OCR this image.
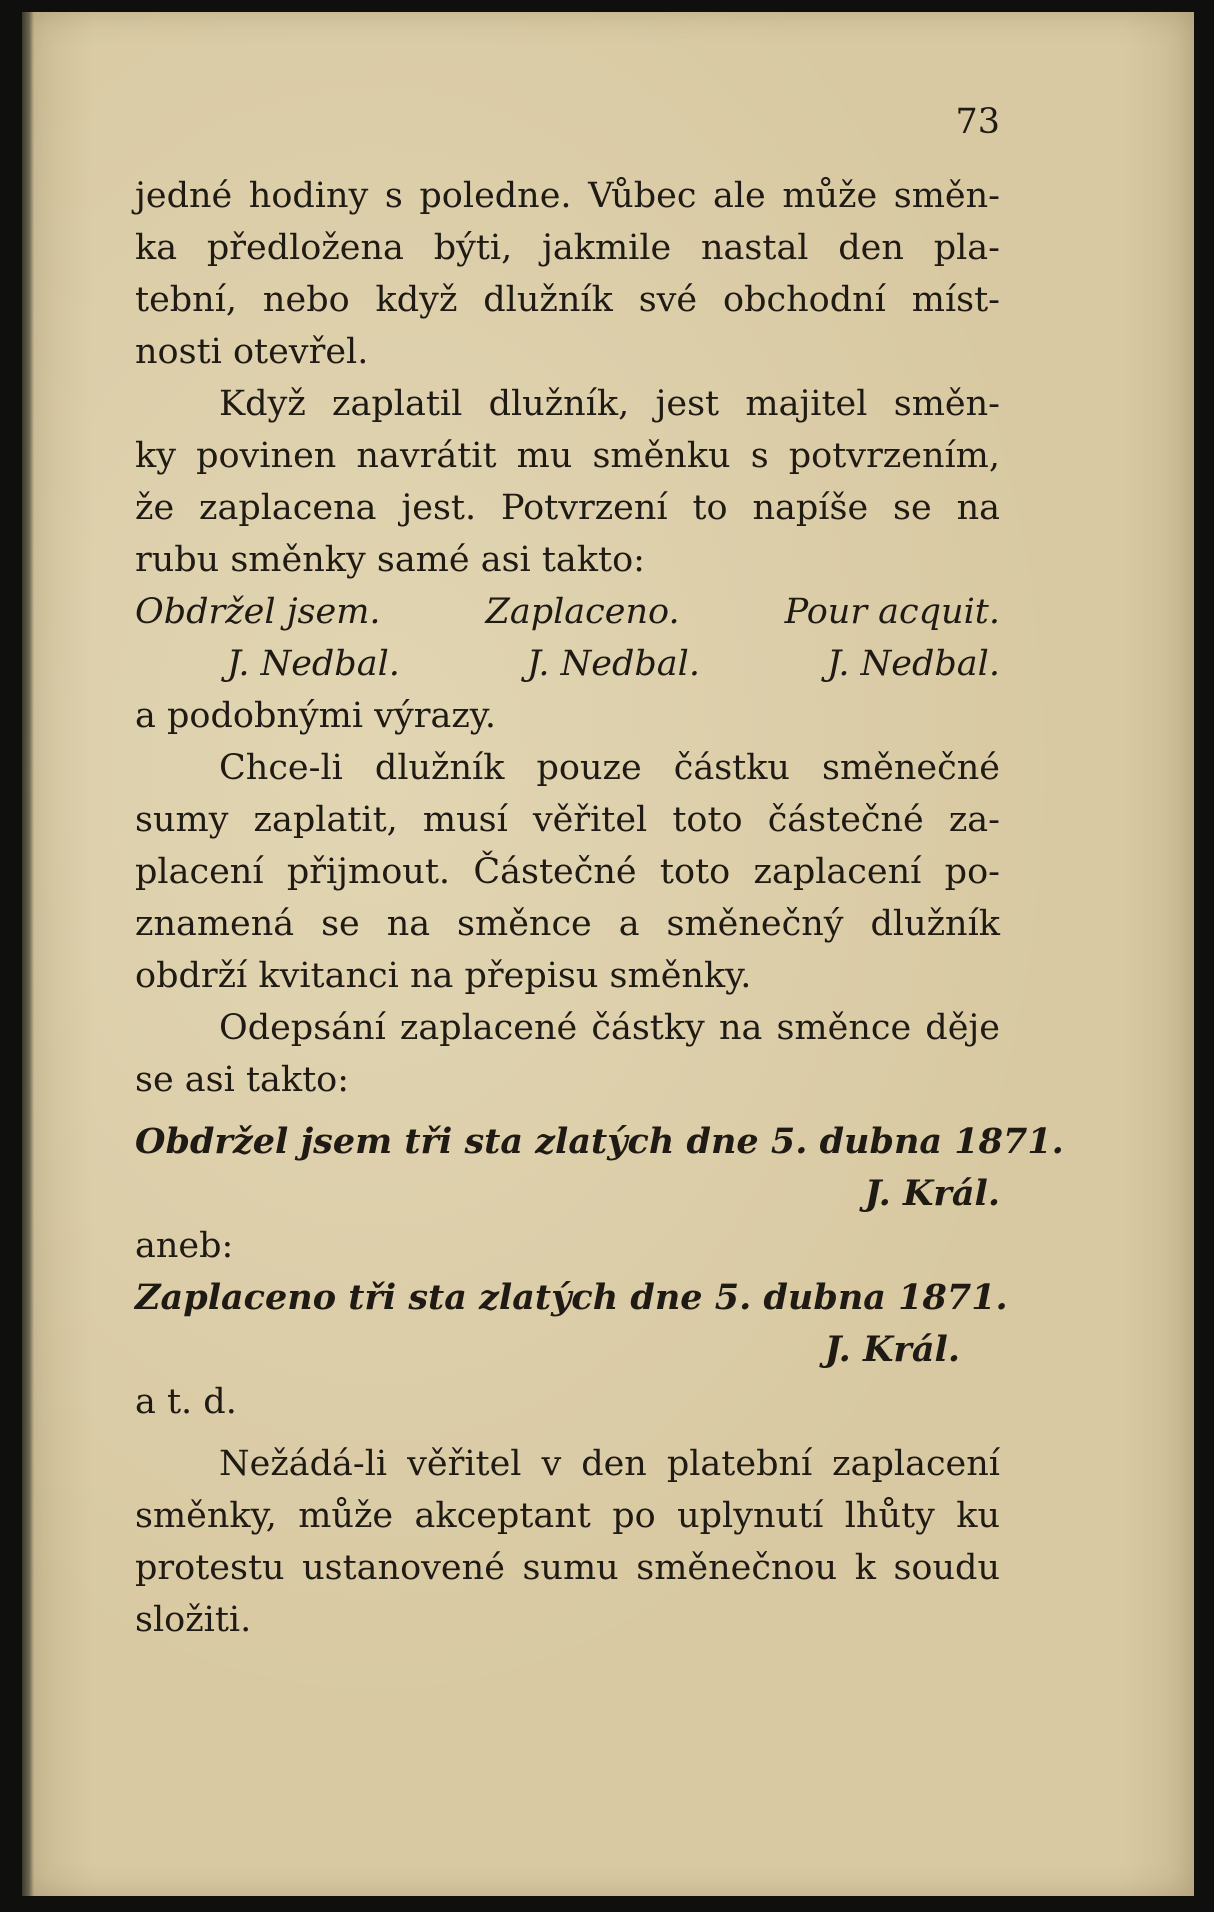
73
jedné hodiny s poledne. Vůbec ale může směn-
ka předložena býti, jakmile nastal den pla-
tební, nebo když dlužník své obchodní míst-
nosti otevřel.
Když zaplatil dlužník, jest majitel směn-
ky povinen navrátit mu směnku s potvrzením,
že zaplacena jest. Potvrzení to napíše se na
rubu směnky samé asi takto:
Obdržel jsem.	Zaplaceno.	Pour acquit.
J. Nedbal.	J. Nedbal.	J. Nedbal.
a podobnými výrazy.
Chce-li dlužník pouze částku směnečné
sumy zaplatit, musí věřitel toto částečné za-
placení přijmout. Částečné toto zaplacení po-
znamená se na směnce a směnečný dlužník
obdrží kvitanci na přepisu směnky.
Odepsání zaplacené částky na směnce děje
se asi takto:
Obdržel jsem tři sta zlatých dne 5. dubna 1871.
J. Král.
aneb:
Zaplaceno tři sta zlatých dne 5. dubna 1871.
J. Král.
a t. d.
Nežádá-li věřitel v den platební zaplacení
směnky, může akceptant po uplynutí lhůty ku
protestu ustanovené sumu směnečnou k soudu
složiti.
